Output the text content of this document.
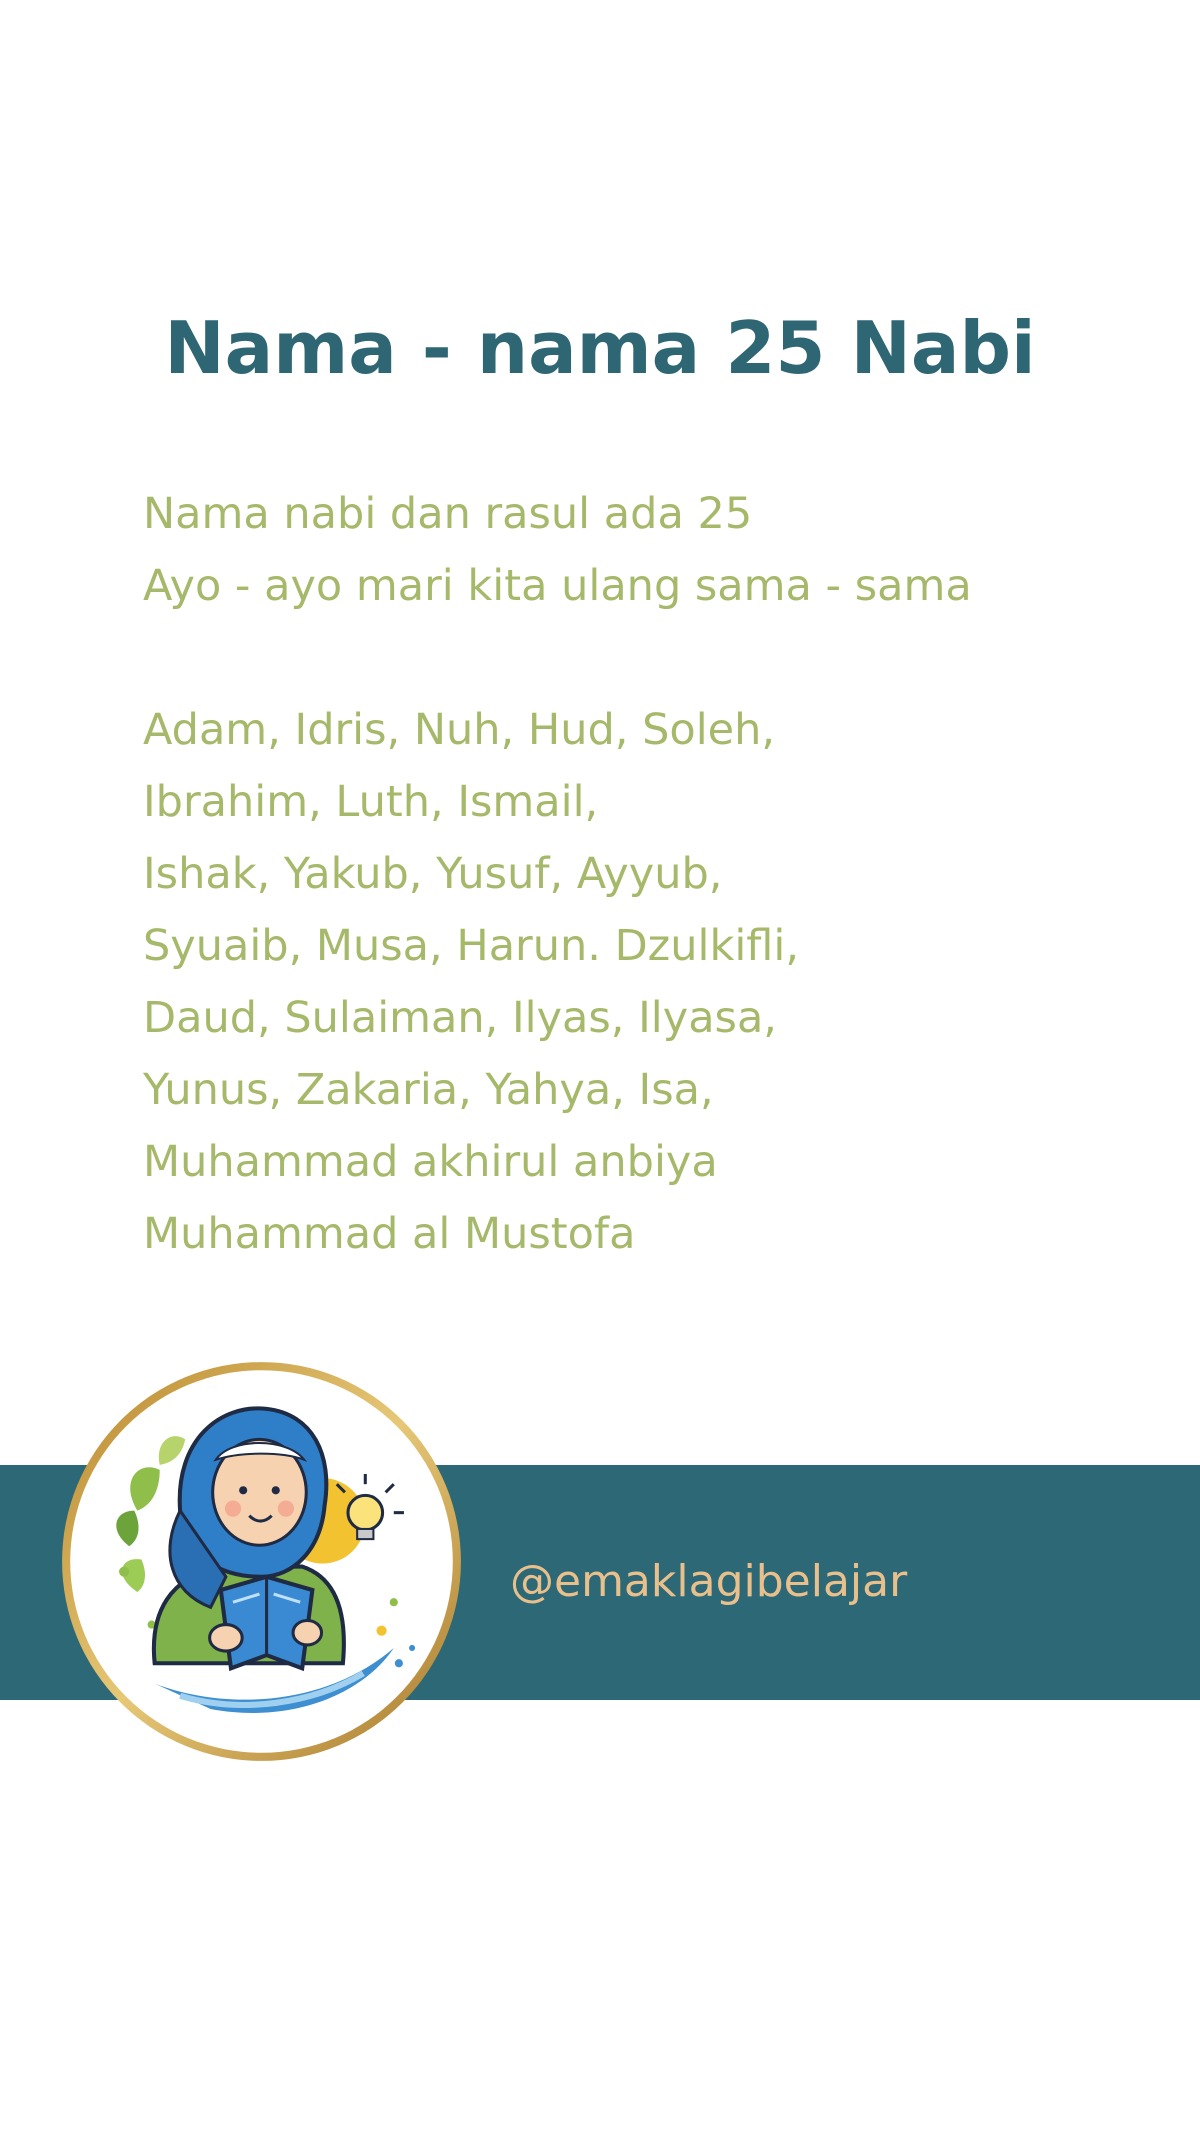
Nama - nama 25 Nabi
Nama nabi dan rasul ada 25
Ayo - ayo mari kita ulang sama - sama
Adam, Idris, Nuh, Hud, Soleh,
Ibrahim, Luth, Ismail,
Ishak, Yakub, Yusuf, Ayyub,
Syuaib, Musa, Harun. Dzulkifli,
Daud, Sulaiman, Ilyas, Ilyasa,
Yunus, Zakaria, Yahya, Isa,
Muhammad akhirul anbiya
Muhammad al Mustofa
@emaklagibelajar
